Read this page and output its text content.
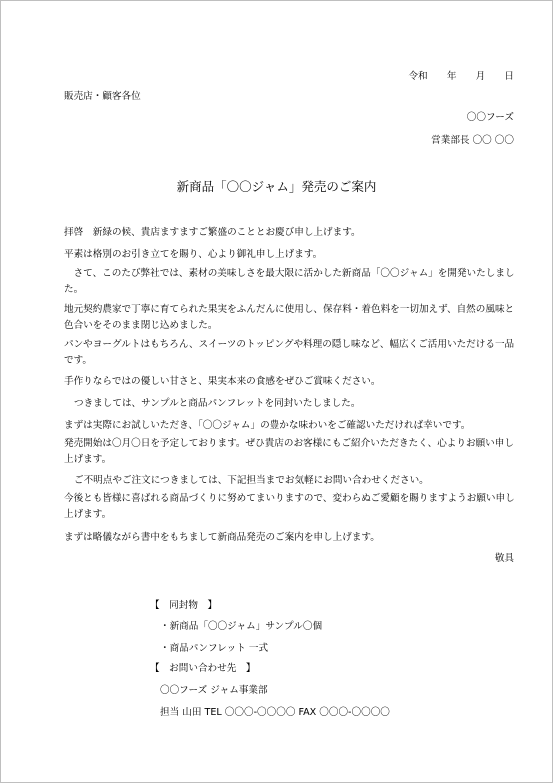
令和　　年　　月　　日
販売店・顧客各位
〇〇フーズ
営業部長 〇〇 〇〇
新商品「〇〇ジャム」発売のご案内
拝啓　新緑の候、貴店ますますご繁盛のこととお慶び申し上げます。
平素は格別のお引き立てを賜り、心より御礼申し上げます。
さて、このたび弊社では、素材の美味しさを最大限に活かした新商品「〇〇ジャム」を開発いたしました。
地元契約農家で丁寧に育てられた果実をふんだんに使用し、保存料・着色料を一切加えず、自然の風味と色合いをそのまま閉じ込めました。
パンやヨーグルトはもちろん、スイーツのトッピングや料理の隠し味など、幅広くご活用いただける一品です。
手作りならではの優しい甘さと、果実本来の食感をぜひご賞味ください。
つきましては、サンプルと商品パンフレットを同封いたしました。
まずは実際にお試しいただき、「〇〇ジャム」の豊かな味わいをご確認いただければ幸いです。
発売開始は〇月〇日を予定しております。ぜひ貴店のお客様にもご紹介いただきたく、心よりお願い申し上げます。
ご不明点やご注文につきましては、下記担当までお気軽にお問い合わせください。
今後とも皆様に喜ばれる商品づくりに努めてまいりますので、変わらぬご愛顧を賜りますようお願い申し上げます。
まずは略儀ながら書中をもちまして新商品発売のご案内を申し上げます。
敬具
【　同封物　】
・新商品「〇〇ジャム」サンプル〇個
・商品パンフレット 一式
【　お問い合わせ先　】
〇〇フーズ ジャム事業部
担当 山田 TEL 〇〇〇-〇〇〇〇 FAX 〇〇〇-〇〇〇〇
